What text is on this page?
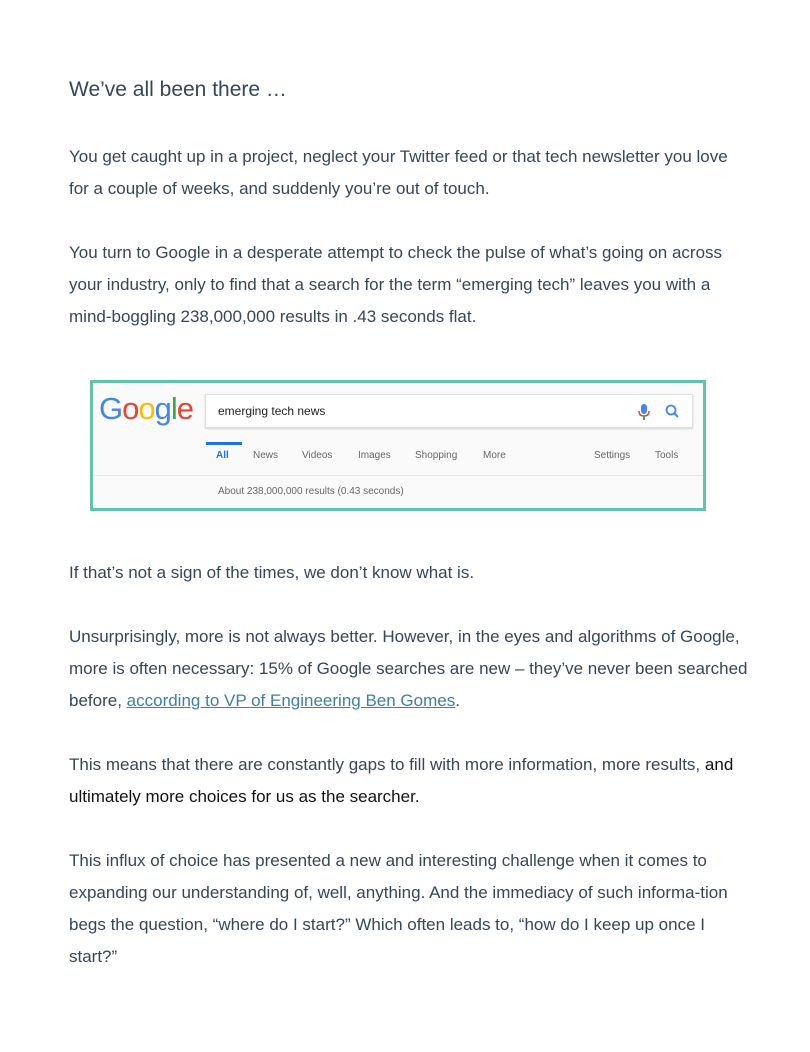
We’ve all been there …

You get caught up in a project, neglect your Twitter feed or that tech newsletter you love for a couple of weeks, and suddenly you’re out of touch.

You turn to Google in a desperate attempt to check the pulse of what’s going on across your industry, only to find that a search for the term “emerging tech” leaves you with a mind-boggling 238,000,000 results in .43 seconds flat.

Google emerging tech news
All News Videos	Images Shopping	More	Settings Tools
About 238,000,000 results (0.43 seconds)

If that’s not a sign of the times, we don’t know what is.

Unsurprisingly, more is not always better. However, in the eyes and algorithms of Google, more is often necessary: 15% of Google searches are new – they’ve never been searched before, according to VP of Engineering Ben Gomes.

This means that there are constantly gaps to fill with more information, more results, and ultimately more choices for us as the searcher.

This influx of choice has presented a new and interesting challenge when it comes to expanding our understanding of, well, anything. And the immediacy of such informa-tion begs the question, “where do I start?” Which often leads to, “how do I keep up once I start?”
